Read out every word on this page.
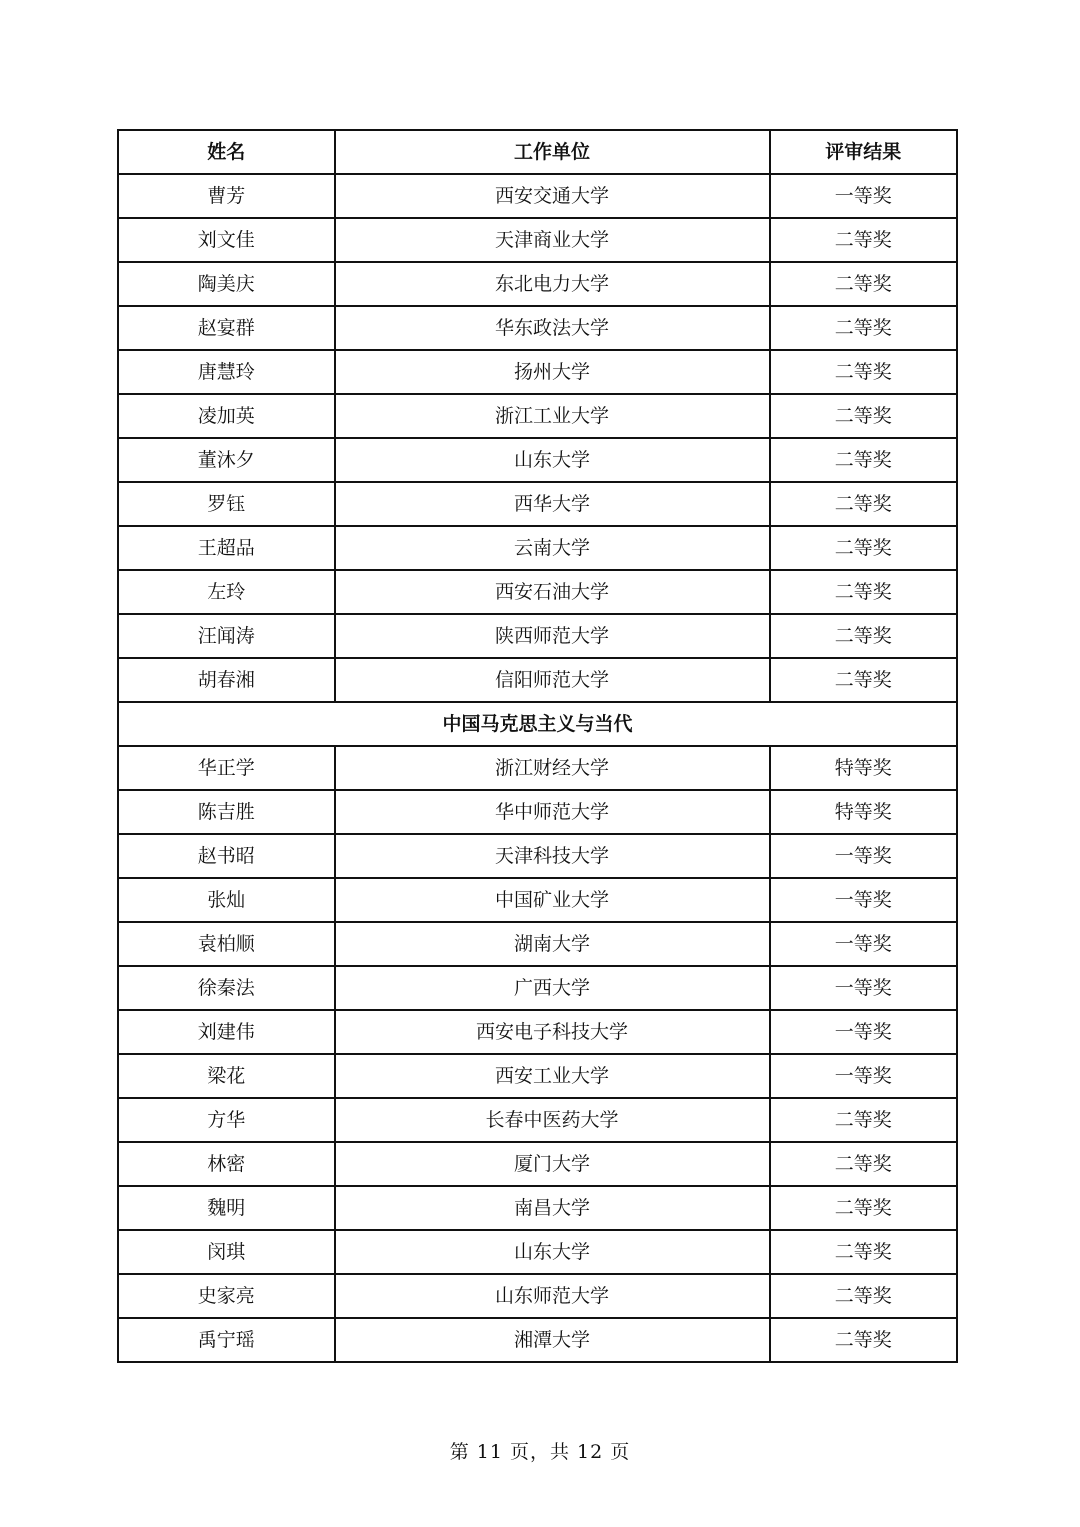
姓名	工作单位	评审结果
曹芳	西安交通大学	一等奖
刘文佳	天津商业大学	二等奖
陶美庆	东北电力大学	二等奖
赵宴群	华东政法大学	二等奖
唐慧玲	扬州大学	二等奖
凌加英	浙江工业大学	二等奖
董沐夕	山东大学	二等奖
罗钰	西华大学	二等奖
王超品	云南大学	二等奖
左玲	西安石油大学	二等奖
汪闻涛	陕西师范大学	二等奖
胡春湘	信阳师范大学	二等奖
中国马克思主义与当代		
华正学	浙江财经大学	特等奖
陈吉胜	华中师范大学	特等奖
赵书昭	天津科技大学	一等奖
张灿	中国矿业大学	一等奖
袁柏顺	湖南大学	一等奖
徐秦法	广西大学	一等奖
刘建伟	西安电子科技大学	一等奖
梁花	西安工业大学	一等奖
方华	长春中医药大学	二等奖
林密	厦门大学	二等奖
魏明	南昌大学	二等奖
闵琪	山东大学	二等奖
史家亮	山东师范大学	二等奖
禹宁瑶	湘潭大学	二等奖
第 11 页，共 12 页
